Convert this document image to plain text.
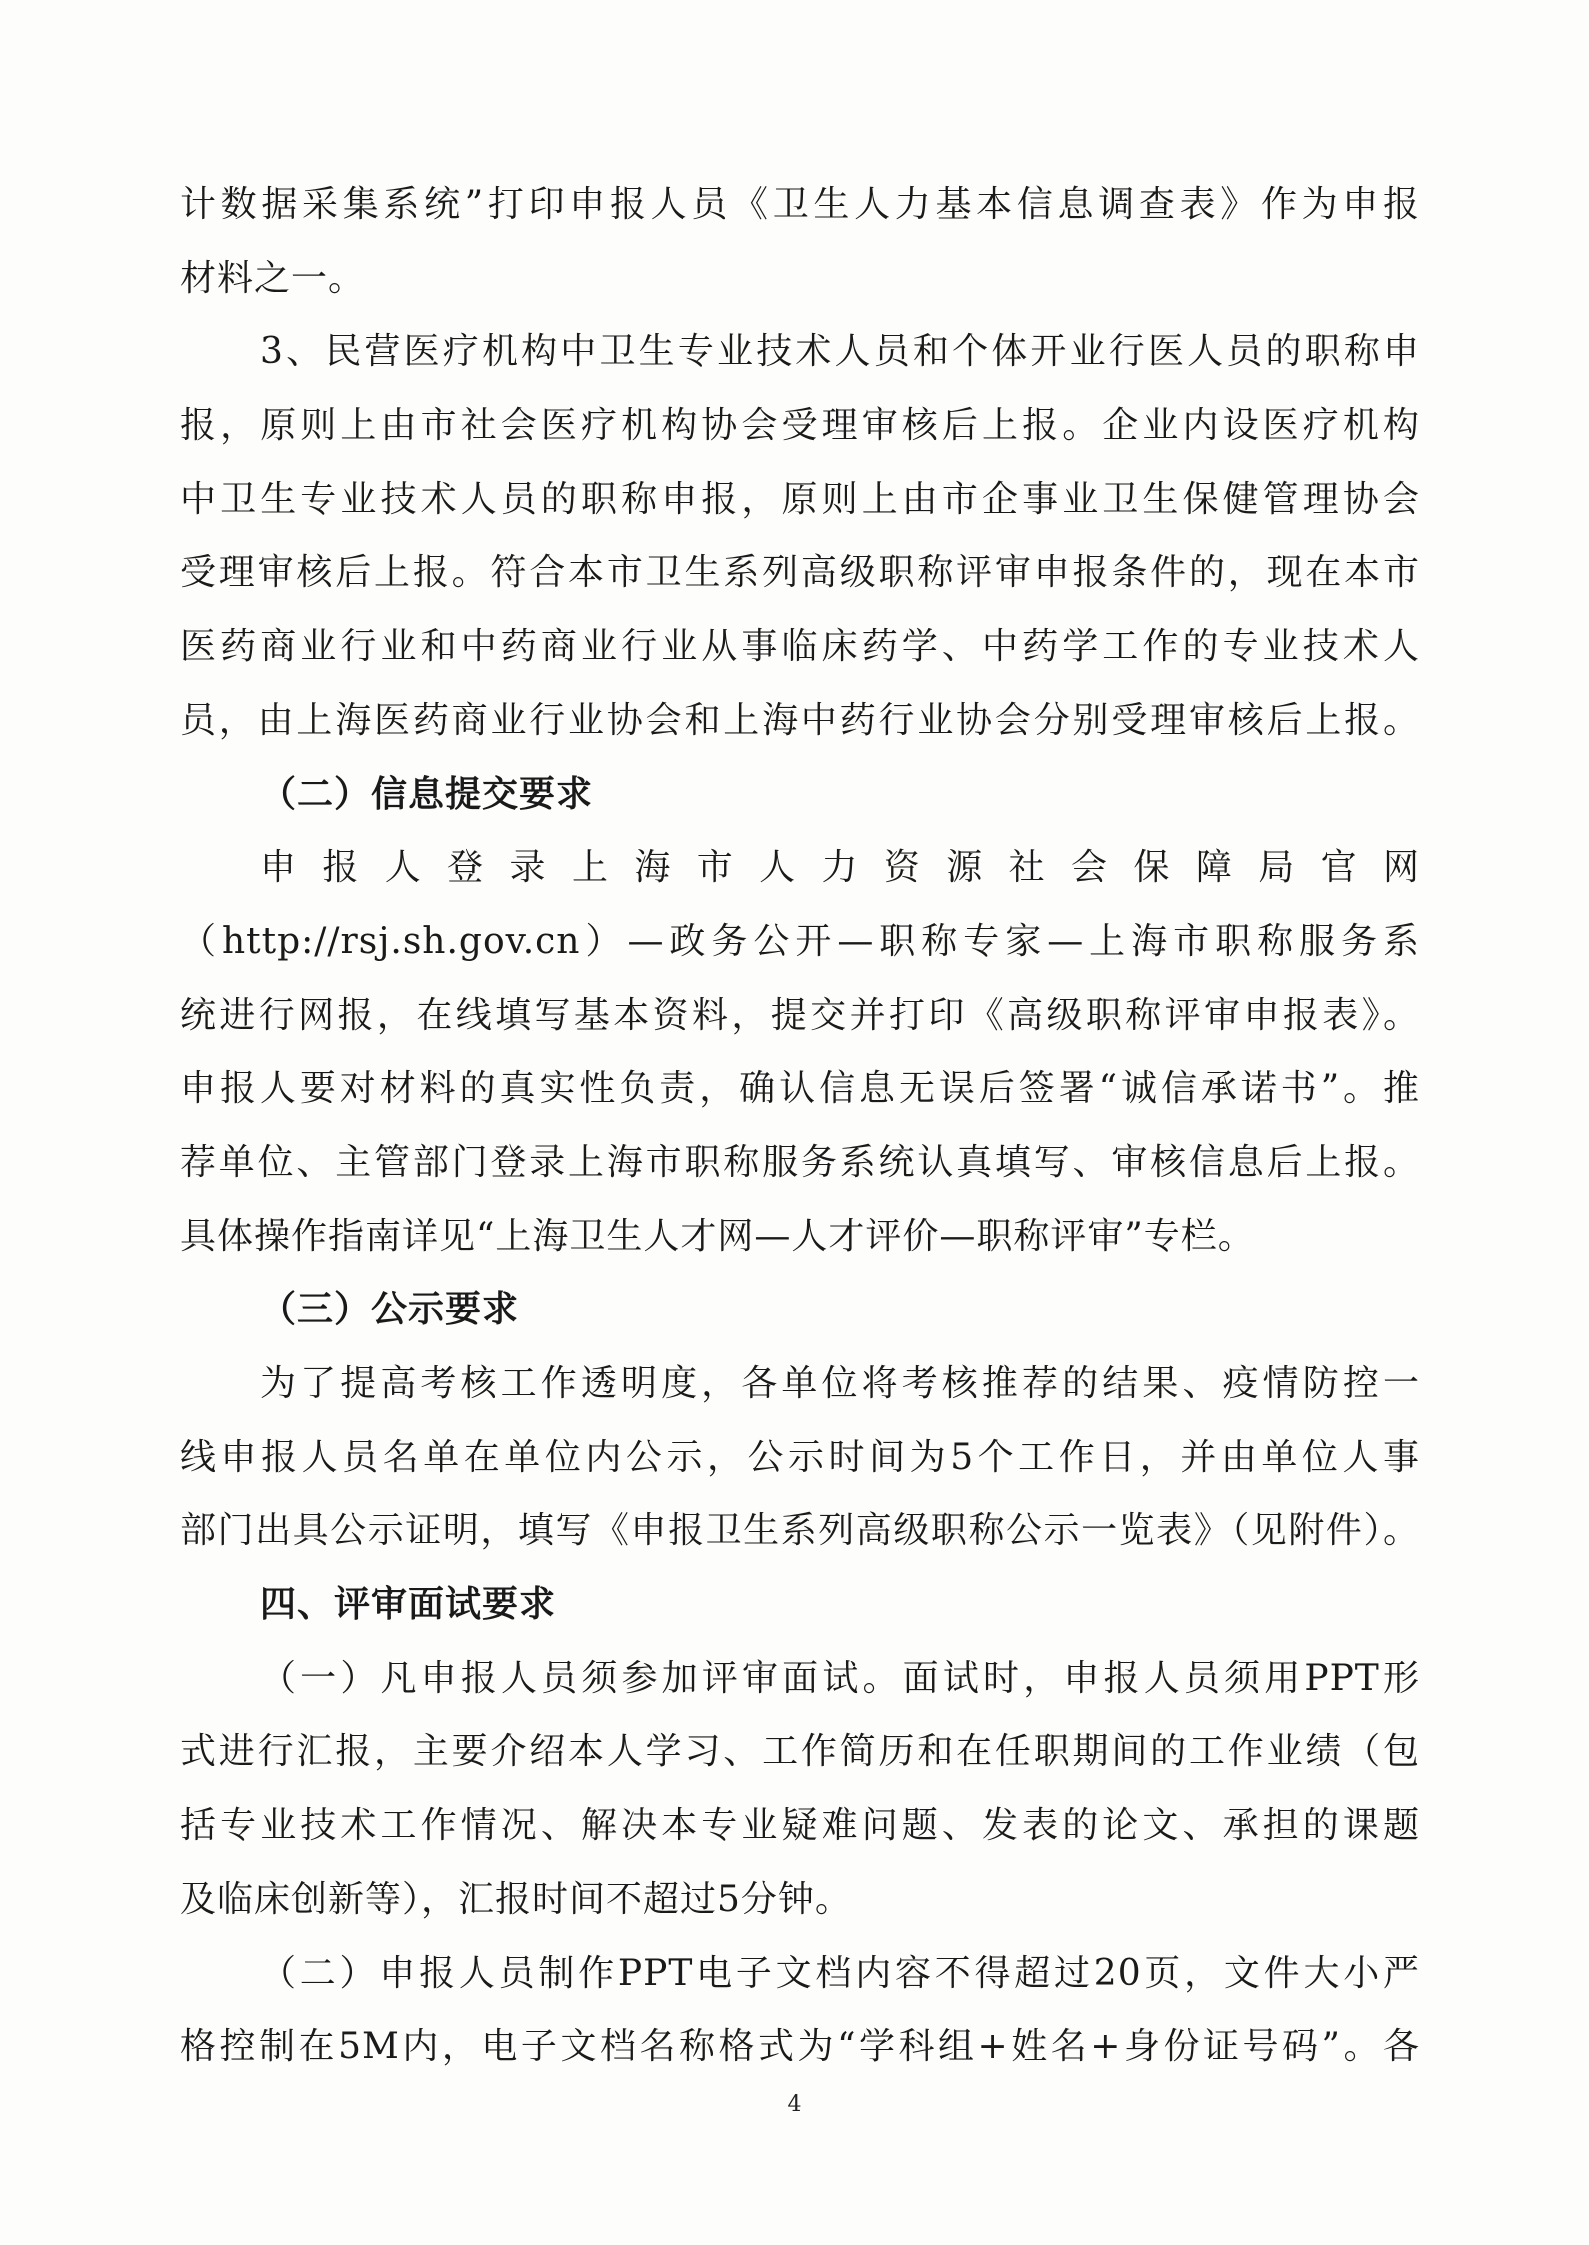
计数据采集系统”打印申报人员《卫生人力基本信息调查表》作为申报
材料之一。
3、民营医疗机构中卫生专业技术人员和个体开业行医人员的职称申
报，原则上由市社会医疗机构协会受理审核后上报。企业内设医疗机构
中卫生专业技术人员的职称申报，原则上由市企事业卫生保健管理协会
受理审核后上报。符合本市卫生系列高级职称评审申报条件的，现在本市
医药商业行业和中药商业行业从事临床药学、中药学工作的专业技术人
员，由上海医药商业行业协会和上海中药行业协会分别受理审核后上报。
（二）信息提交要求
申报人登录上海市人力资源社会保障局官网
（http://rsj.sh.gov.cn）—政务公开—职称专家—上海市职称服务系
统进行网报，在线填写基本资料，提交并打印《高级职称评审申报表》。
申报人要对材料的真实性负责，确认信息无误后签署“诚信承诺书”。推
荐单位、主管部门登录上海市职称服务系统认真填写、审核信息后上报。
具体操作指南详见“上海卫生人才网—人才评价—职称评审”专栏。
（三）公示要求
为了提高考核工作透明度，各单位将考核推荐的结果、疫情防控一
线申报人员名单在单位内公示，公示时间为5个工作日，并由单位人事
部门出具公示证明，填写《申报卫生系列高级职称公示一览表》（见附件）。
四、评审面试要求
（一）凡申报人员须参加评审面试。面试时，申报人员须用PPT形
式进行汇报，主要介绍本人学习、工作简历和在任职期间的工作业绩（包
括专业技术工作情况、解决本专业疑难问题、发表的论文、承担的课题
及临床创新等），汇报时间不超过5分钟。
（二）申报人员制作PPT电子文档内容不得超过20页，文件大小严
格控制在5M内，电子文档名称格式为“学科组+姓名+身份证号码”。各
4
